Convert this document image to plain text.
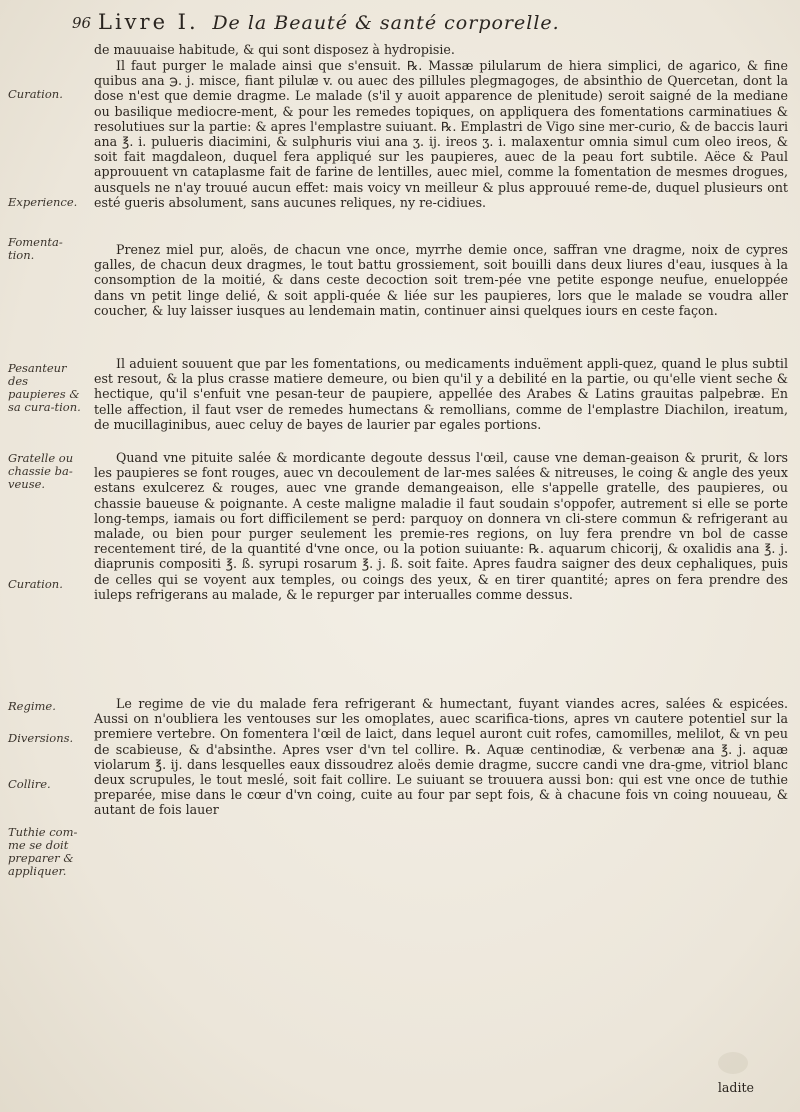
96 Livre I. De la Beauté & santé corporelle.
Curation.
Experience.
Fomenta-tion.
Pesanteur des paupieres & sa cura-tion.
Gratelle ou chassie ba-veuse.
Curation.
Regime.
Diversions.
Collire.
Tuthie com-me se doit preparer & appliquer.

de mauuaise habitude, & qui sont disposez à hydropisie.

Il faut purger le malade ainsi que s'ensuit. ℞. Massæ pilularum de hiera simplici, de agarico, & fine quibus ana ℈. j. misce, fiant pilulæ v. ou auec des pillules plegmagoges, de absinthio de Quercetan, dont la dose n'est que demie dragme. Le malade (s'il y auoit apparence de plenitude) seroit saigné de la mediane ou basilique mediocre-ment, & pour les remedes topiques, on appliquera des fomentations carminatiues & resolutiues sur la partie: & apres l'emplastre suiuant. ℞. Emplastri de Vigo sine mer-curio, & de baccis lauri ana ℥. i. pulueris diacimini, & sulphuris viui ana ʒ. ij. ireos ʒ. i. malaxentur omnia simul cum oleo ireos, & soit fait magdaleon, duquel fera appliqué sur les paupieres, auec de la peau fort subtile. Aëce & Paul approuuent vn cataplasme fait de farine de lentilles, auec miel, comme la fomentation de mesmes drogues, ausquels ne n'ay trouué aucun effet: mais voicy vn meilleur & plus approuué reme-de, duquel plusieurs ont esté gueris absolument, sans aucunes reliques, ny re-cidiues.

Prenez miel pur, aloës, de chacun vne once, myrrhe demie once, saffran vne dragme, noix de cypres galles, de chacun deux dragmes, le tout battu grossiement, soit bouilli dans deux liures d'eau, iusques à la consomption de la moitié, & dans ceste decoction soit trem-pée vne petite esponge neufue, enueloppée dans vn petit linge delié, & soit appli-quée & liée sur les paupieres, lors que le malade se voudra aller coucher, & luy laisser iusques au lendemain matin, continuer ainsi quelques iours en ceste façon.

Il aduient souuent que par les fomentations, ou medicaments induëment appli-quez, quand le plus subtil est resout, & la plus crasse matiere demeure, ou bien qu'il y a debilité en la partie, ou qu'elle vient seche & hectique, qu'il s'enfuit vne pesan-teur de paupiere, appellée des Arabes & Latins grauitas palpebræ. En telle affection, il faut vser de remedes humectans & remollians, comme de l'emplastre Diachilon, ireatum, de mucillaginibus, auec celuy de bayes de laurier par egales portions.

Quand vne pituite salée & mordicante degoute dessus l'œil, cause vne deman-geaison & prurit, & lors les paupieres se font rouges, auec vn decoulement de lar-mes salées & nitreuses, le coing & angle des yeux estans exulcerez & rouges, auec vne grande demangeaison, elle s'appelle gratelle, des paupieres, ou chassie baueuse & poignante. A ceste maligne maladie il faut soudain s'oppofer, autrement si elle se porte long-temps, iamais ou fort difficilement se perd: parquoy on donnera vn cli-stere commun & refrigerant au malade, ou bien pour purger seulement les premie-res regions, on luy fera prendre vn bol de casse recentement tiré, de la quantité d'vne once, ou la potion suiuante: ℞. aquarum chicorij, & oxalidis ana ℥. j. diaprunis compositi ℥. ß. syrupi rosarum ℥. j. ß. soit faite. Apres faudra saigner des deux cephaliques, puis de celles qui se voyent aux temples, ou coings des yeux, & en tirer quantité; apres on fera prendre des iuleps refrigerans au malade, & le repurger par interualles comme dessus.

Le regime de vie du malade fera refrigerant & humectant, fuyant viandes acres, salées & espicées. Aussi on n'oubliera les ventouses sur les omoplates, auec scarifica-tions, apres vn cautere potentiel sur la premiere vertebre. On fomentera l'œil de laict, dans lequel auront cuit rofes, camomilles, melilot, & vn peu de scabieuse, & d'absinthe. Apres vser d'vn tel collire. ℞. Aquæ centinodiæ, & verbenæ ana ℥. j. aquæ violarum ℥. ij. dans lesquelles eaux dissoudrez aloës demie dragme, succre candi vne dra-gme, vitriol blanc deux scrupules, le tout meslé, soit fait collire. Le suiuant se trouuera aussi bon: qui est vne once de tuthie preparée, mise dans le cœur d'vn coing, cuite au four par sept fois, & à chacune fois vn coing nouueau, & autant de fois lauer

ladite
